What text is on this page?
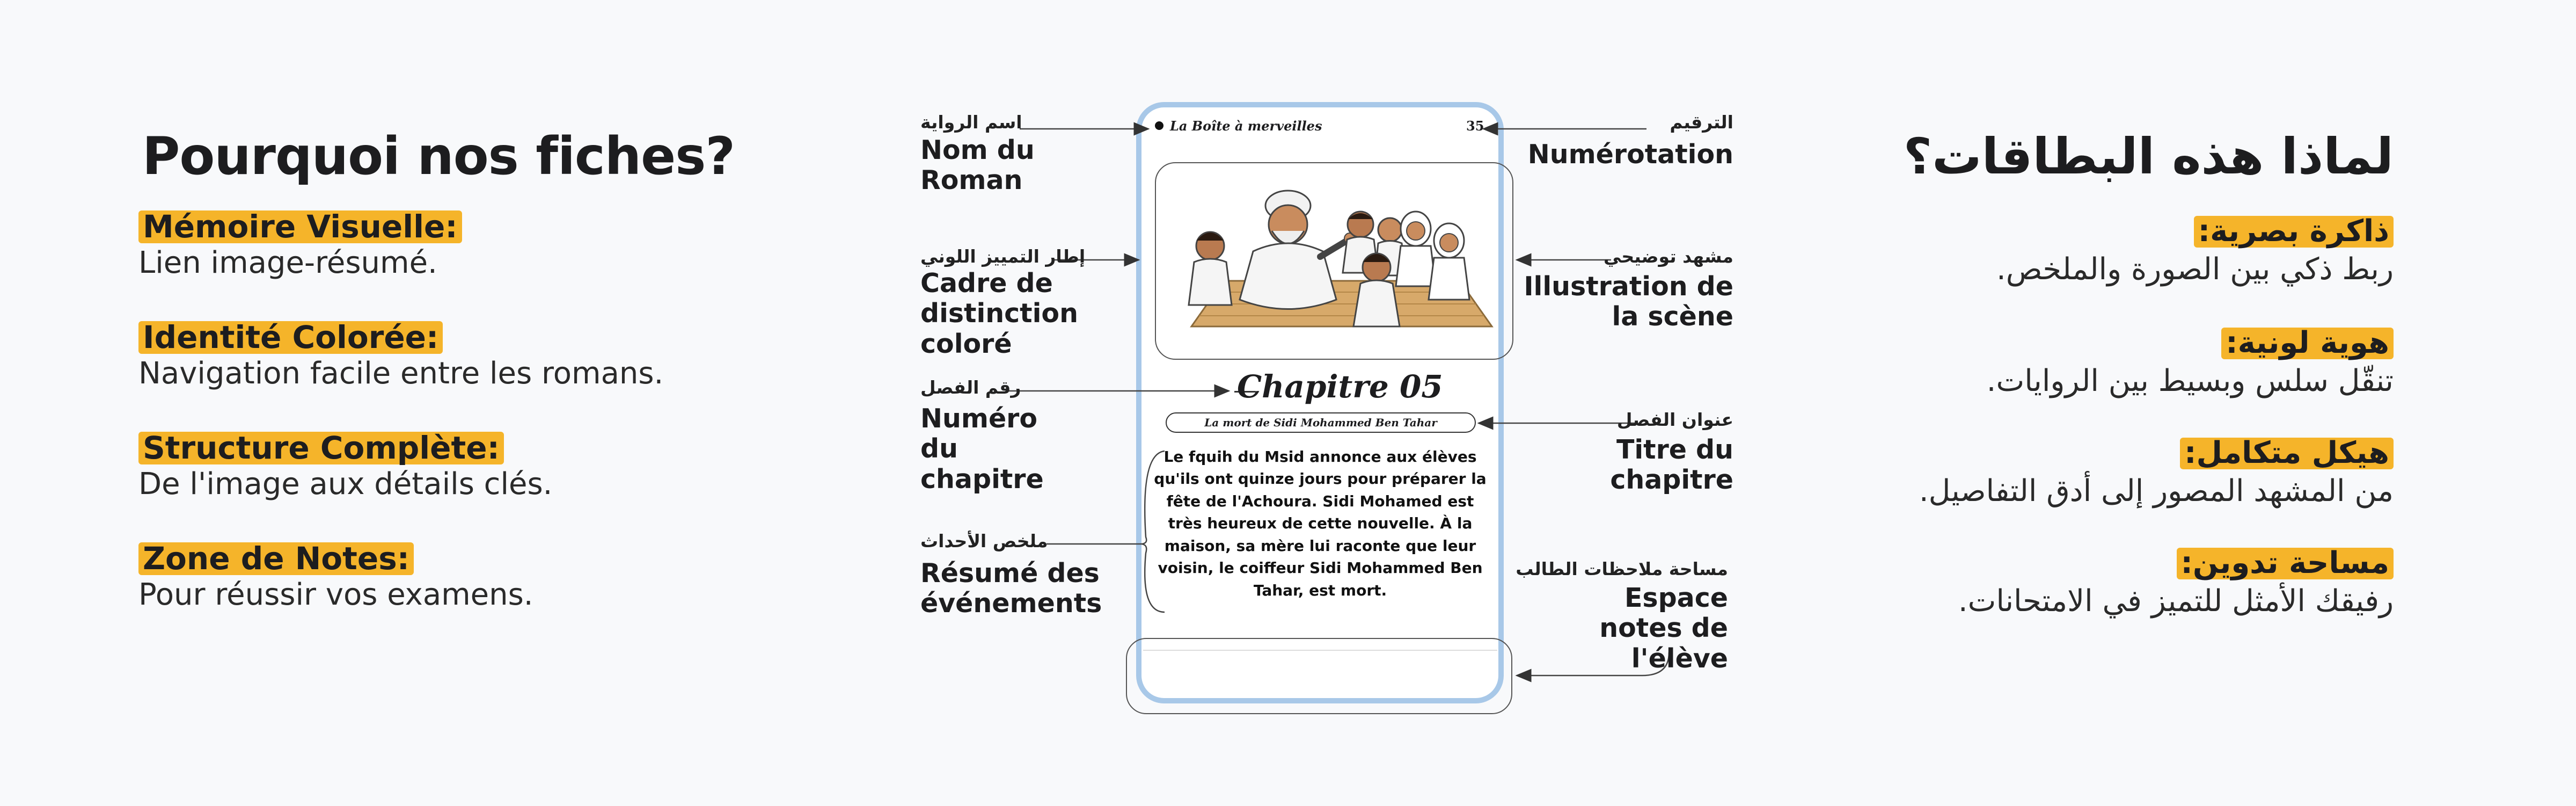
Pourquoi nos fiches?
Mémoire Visuelle:
Lien image-résumé.
Identité Colorée:
Navigation facile entre les romans.
Structure Complète:
De l'image aux détails clés.
Zone de Notes:
Pour réussir vos examens.
لماذا هذه البطاقات؟
ذاكرة بصرية:
ربط ذكي بين الصورة والملخص.
هوية لونية:
تنقّل سلس وبسيط بين الروايات.
هيكل متكامل:
من المشهد المصور إلى أدق التفاصيل.
مساحة تدوين:
رفيقك الأمثل للتميز في الامتحانات.
La Boîte à merveilles	35
Chapitre 05
La mort de Sidi Mohammed Ben Tahar
Le fquih du Msid annonce aux élèves
qu'ils ont quinze jours pour préparer la
fête de l'Achoura. Sidi Mohamed est
très heureux de cette nouvelle. À la
maison, sa mère lui raconte que leur
voisin, le coiffeur Sidi Mohammed Ben
Tahar, est mort.
اسم الرواية
Nom du Roman
إطار التمييز اللوني
Cadre de distinction coloré
رقم الفصل
Numéro du chapitre
ملخص الأحداث
Résumé des événements
الترقيم
Numérotation
مشهد توضيحي
Illustration de la scène
عنوان الفصل
Titre du chapitre
مساحة ملاحظات الطالب
Espace notes de l'élève
